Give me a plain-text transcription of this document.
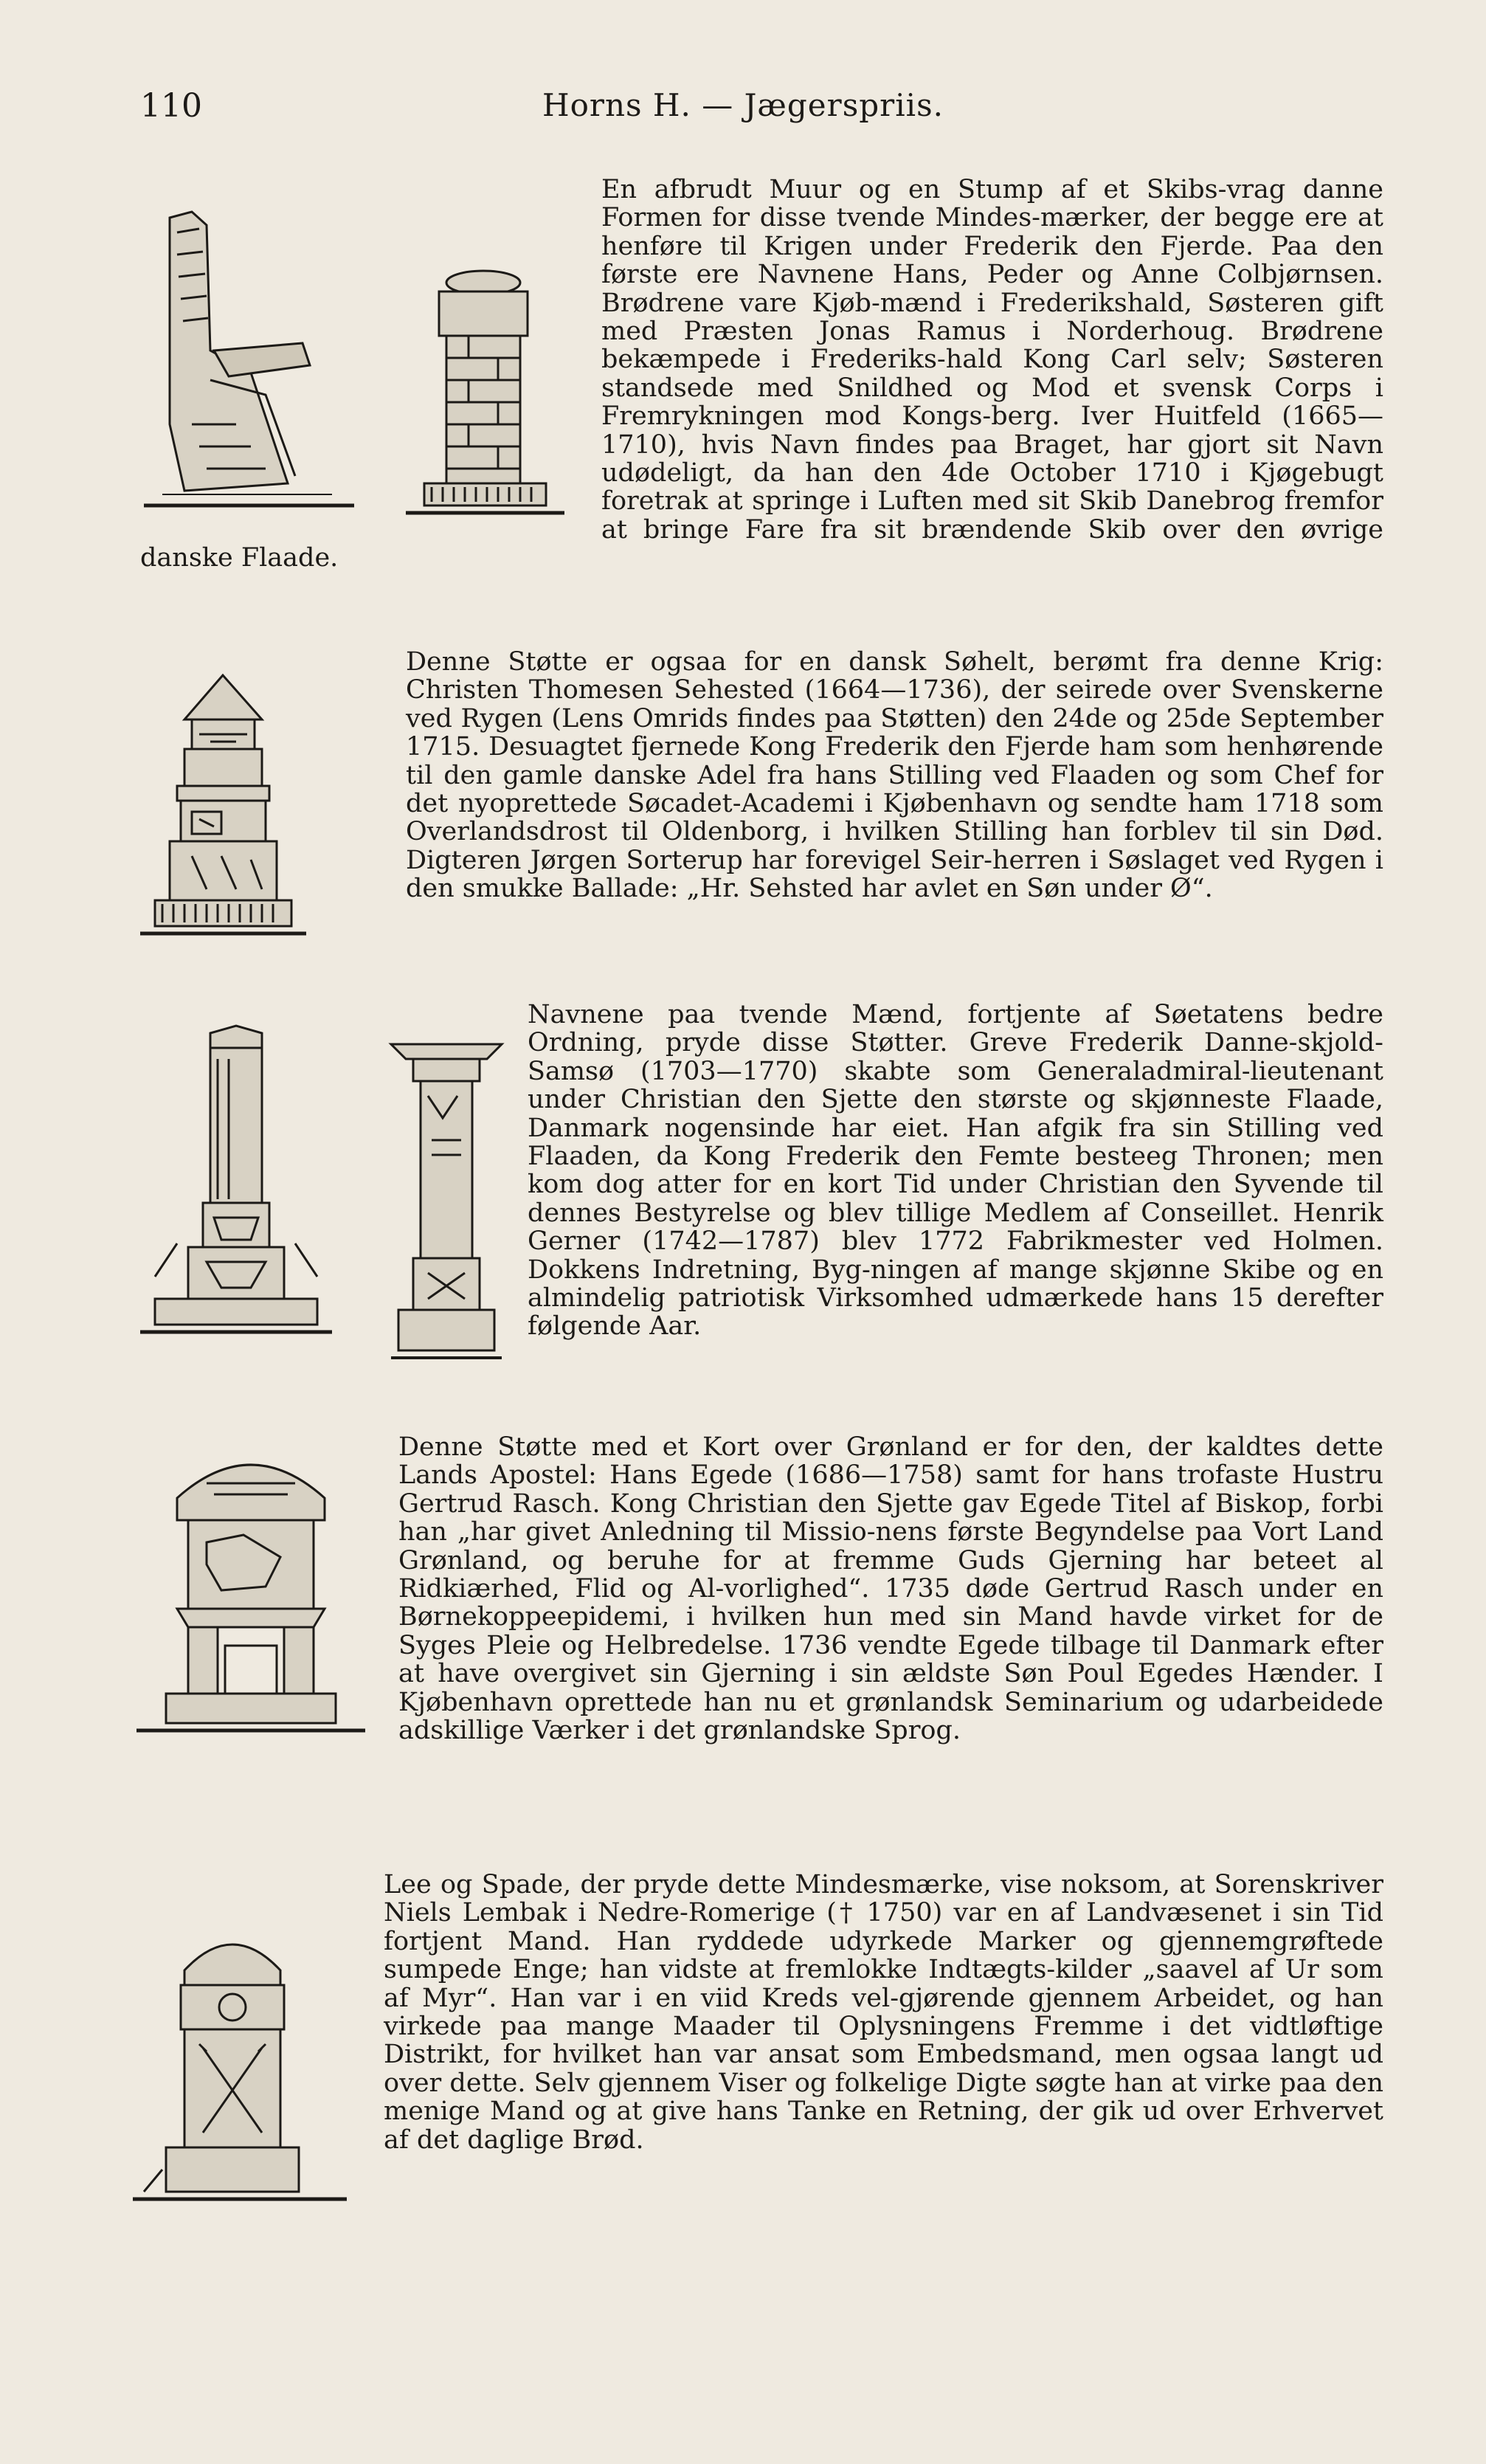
110	Horns H. — Jægerspriis.

En afbrudt Muur og en Stump af et Skibs-vrag danne Formen for disse tvende Mindes-mærker, der begge ere at henføre til Krigen under Frederik den Fjerde. Paa den første ere Navnene Hans, Peder og Anne Colbjørnsen. Brødrene vare Kjøb-mænd i Frederikshald, Søsteren gift med Præsten Jonas Ramus i Norderhoug. Brødrene bekæmpede i Frederiks-hald Kong Carl selv; Søsteren standsede med Snildhed og Mod et svensk Corps i Fremrykningen mod Kongs-berg. Iver Huitfeld (1665—1710), hvis Navn findes paa Braget, har gjort sit Navn udødeligt, da han den 4de October 1710 i Kjøgebugt foretrak at springe i Luften med sit Skib Danebrog fremfor at bringe Fare fra sit brændende Skib over den øvrige danske Flaade.

Denne Støtte er ogsaa for en dansk Søhelt, berømt fra denne Krig: Christen Thomesen Sehested (1664—1736), der seirede over Svenskerne ved Rygen (Lens Omrids findes paa Støtten) den 24de og 25de September 1715. Desuagtet fjernede Kong Frederik den Fjerde ham som henhørende til den gamle danske Adel fra hans Stilling ved Flaaden og som Chef for det nyoprettede Søcadet-Academi i Kjøbenhavn og sendte ham 1718 som Overlandsdrost til Oldenborg, i hvilken Stilling han forblev til sin Død. Digteren Jørgen Sorterup har forevigel Seir-herren i Søslaget ved Rygen i den smukke Ballade: „Hr. Sehsted har avlet en Søn under Ø“.

Navnene paa tvende Mænd, fortjente af Søetatens bedre Ordning, pryde disse Støtter. Greve Frederik Danne-skjold-Samsø (1703—1770) skabte som Generaladmiral-lieutenant under Christian den Sjette den største og skjønneste Flaade, Danmark nogensinde har eiet. Han afgik fra sin Stilling ved Flaaden, da Kong Frederik den Femte besteeg Thronen; men kom dog atter for en kort Tid under Christian den Syvende til dennes Bestyrelse og blev tillige Medlem af Conseillet. Henrik Gerner (1742—1787) blev 1772 Fabrikmester ved Holmen. Dokkens Indretning, Byg-ningen af mange skjønne Skibe og en almindelig patriotisk Virksomhed udmærkede hans 15 derefter følgende Aar.

Denne Støtte med et Kort over Grønland er for den, der kaldtes dette Lands Apostel: Hans Egede (1686—1758) samt for hans trofaste Hustru Gertrud Rasch. Kong Christian den Sjette gav Egede Titel af Biskop, forbi han „har givet Anledning til Missio-nens første Begyndelse paa Vort Land Grønland, og beruhe for at fremme Guds Gjerning har beteet al Ridkiærhed, Flid og Al-vorlighed“. 1735 døde Gertrud Rasch under en Børnekoppeepidemi, i hvilken hun med sin Mand havde virket for de Syges Pleie og Helbredelse. 1736 vendte Egede tilbage til Danmark efter at have overgivet sin Gjerning i sin ældste Søn Poul Egedes Hænder. I Kjøbenhavn oprettede han nu et grønlandsk Seminarium og udarbeidede adskillige Værker i det grønlandske Sprog.

Lee og Spade, der pryde dette Mindesmærke, vise noksom, at Sorenskriver Niels Lembak i Nedre-Romerige († 1750) var en af Landvæsenet i sin Tid fortjent Mand. Han ryddede udyrkede Marker og gjennemgrøftede sumpede Enge; han vidste at fremlokke Indtægts-kilder „saavel af Ur som af Myr“. Han var i en viid Kreds vel-gjørende gjennem Arbeidet, og han virkede paa mange Maader til Oplysningens Fremme i det vidtløftige Distrikt, for hvilket han var ansat som Embedsmand, men ogsaa langt ud over dette. Selv gjennem Viser og folkelige Digte søgte han at virke paa den menige Mand og at give hans Tanke en Retning, der gik ud over Erhvervet af det daglige Brød.
